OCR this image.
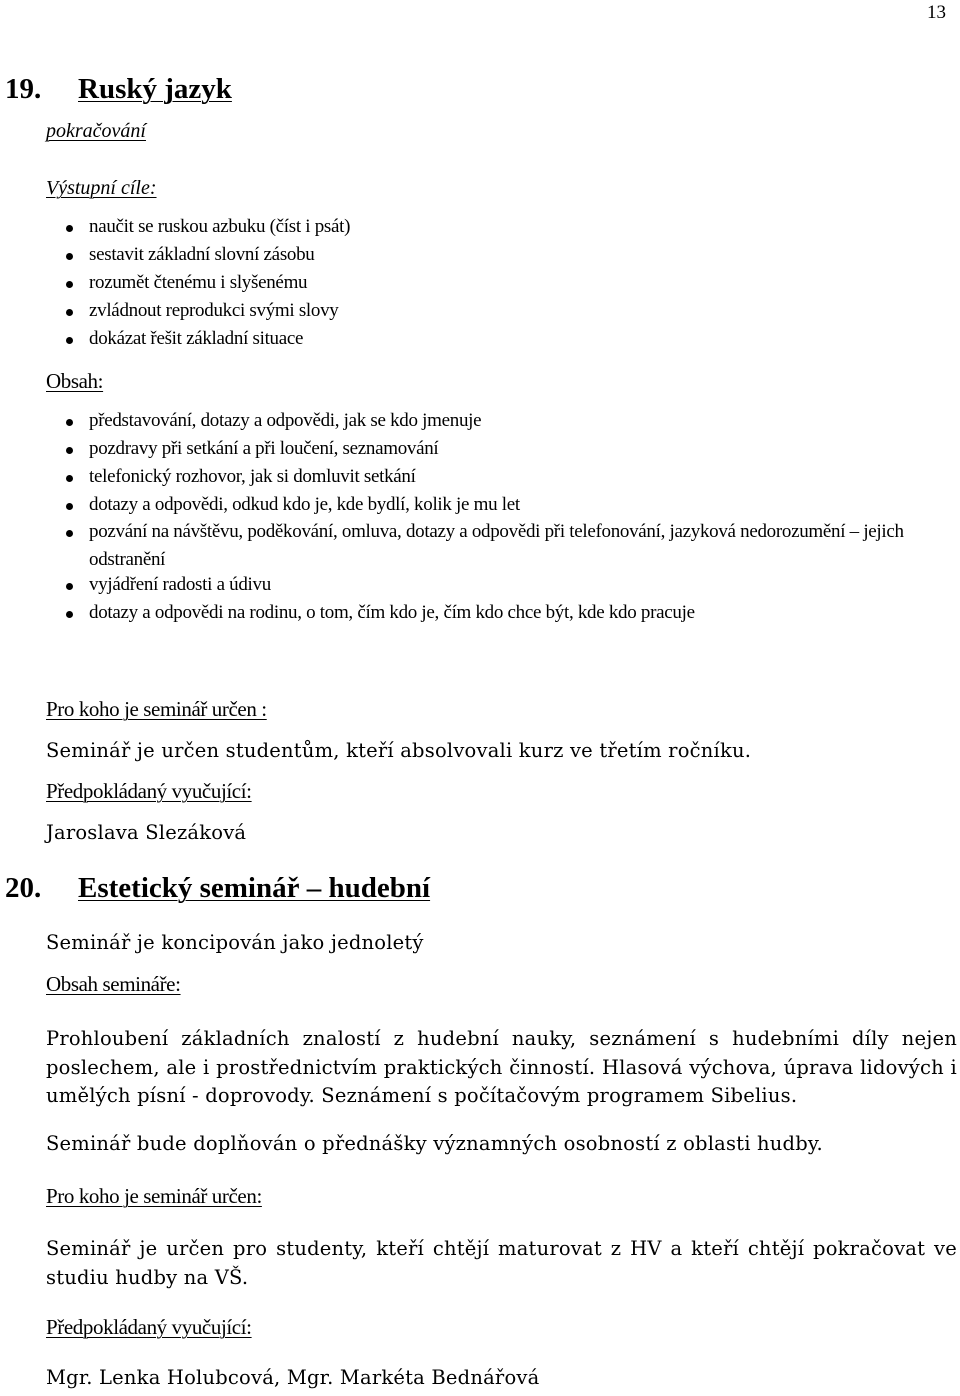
13
19. Ruský jazyk
pokračování
Výstupní cíle:
naučit se ruskou azbuku (číst i psát)
sestavit základní slovní zásobu
rozumět čtenému i slyšenému
zvládnout reprodukci svými slovy
dokázat řešit základní situace
Obsah:
představování, dotazy a odpovědi, jak se kdo jmenuje
pozdravy při setkání a při loučení, seznamování
telefonický rozhovor, jak si domluvit setkání
dotazy a odpovědi, odkud kdo je, kde bydlí, kolik je mu let
pozvání na návštěvu, poděkování, omluva, dotazy a odpovědi při telefonování, jazyková nedorozumění – jejich odstranění
vyjádření radosti a údivu
dotazy a odpovědi na rodinu, o tom, čím kdo je, čím kdo chce být, kde kdo pracuje
Pro koho je seminář určen :
Seminář je určen studentům, kteří absolvovali kurz ve třetím ročníku.
Předpokládaný vyučující:
Jaroslava Slezáková
20. Estetický seminář – hudební
Seminář je koncipován jako jednoletý
Obsah semináře:
Prohloubení základních znalostí z hudební nauky, seznámení s hudebními díly nejen poslechem, ale i prostřednictvím praktických činností. Hlasová výchova, úprava lidových i umělých písní - doprovody. Seznámení s počítačovým programem Sibelius.
Seminář bude doplňován o přednášky významných osobností z oblasti hudby.
Pro koho je seminář určen:
Seminář je určen pro studenty, kteří chtějí maturovat z HV a kteří chtějí pokračovat ve studiu hudby na VŠ.
Předpokládaný vyučující:
Mgr. Lenka Holubcová, Mgr. Markéta Bednářová
